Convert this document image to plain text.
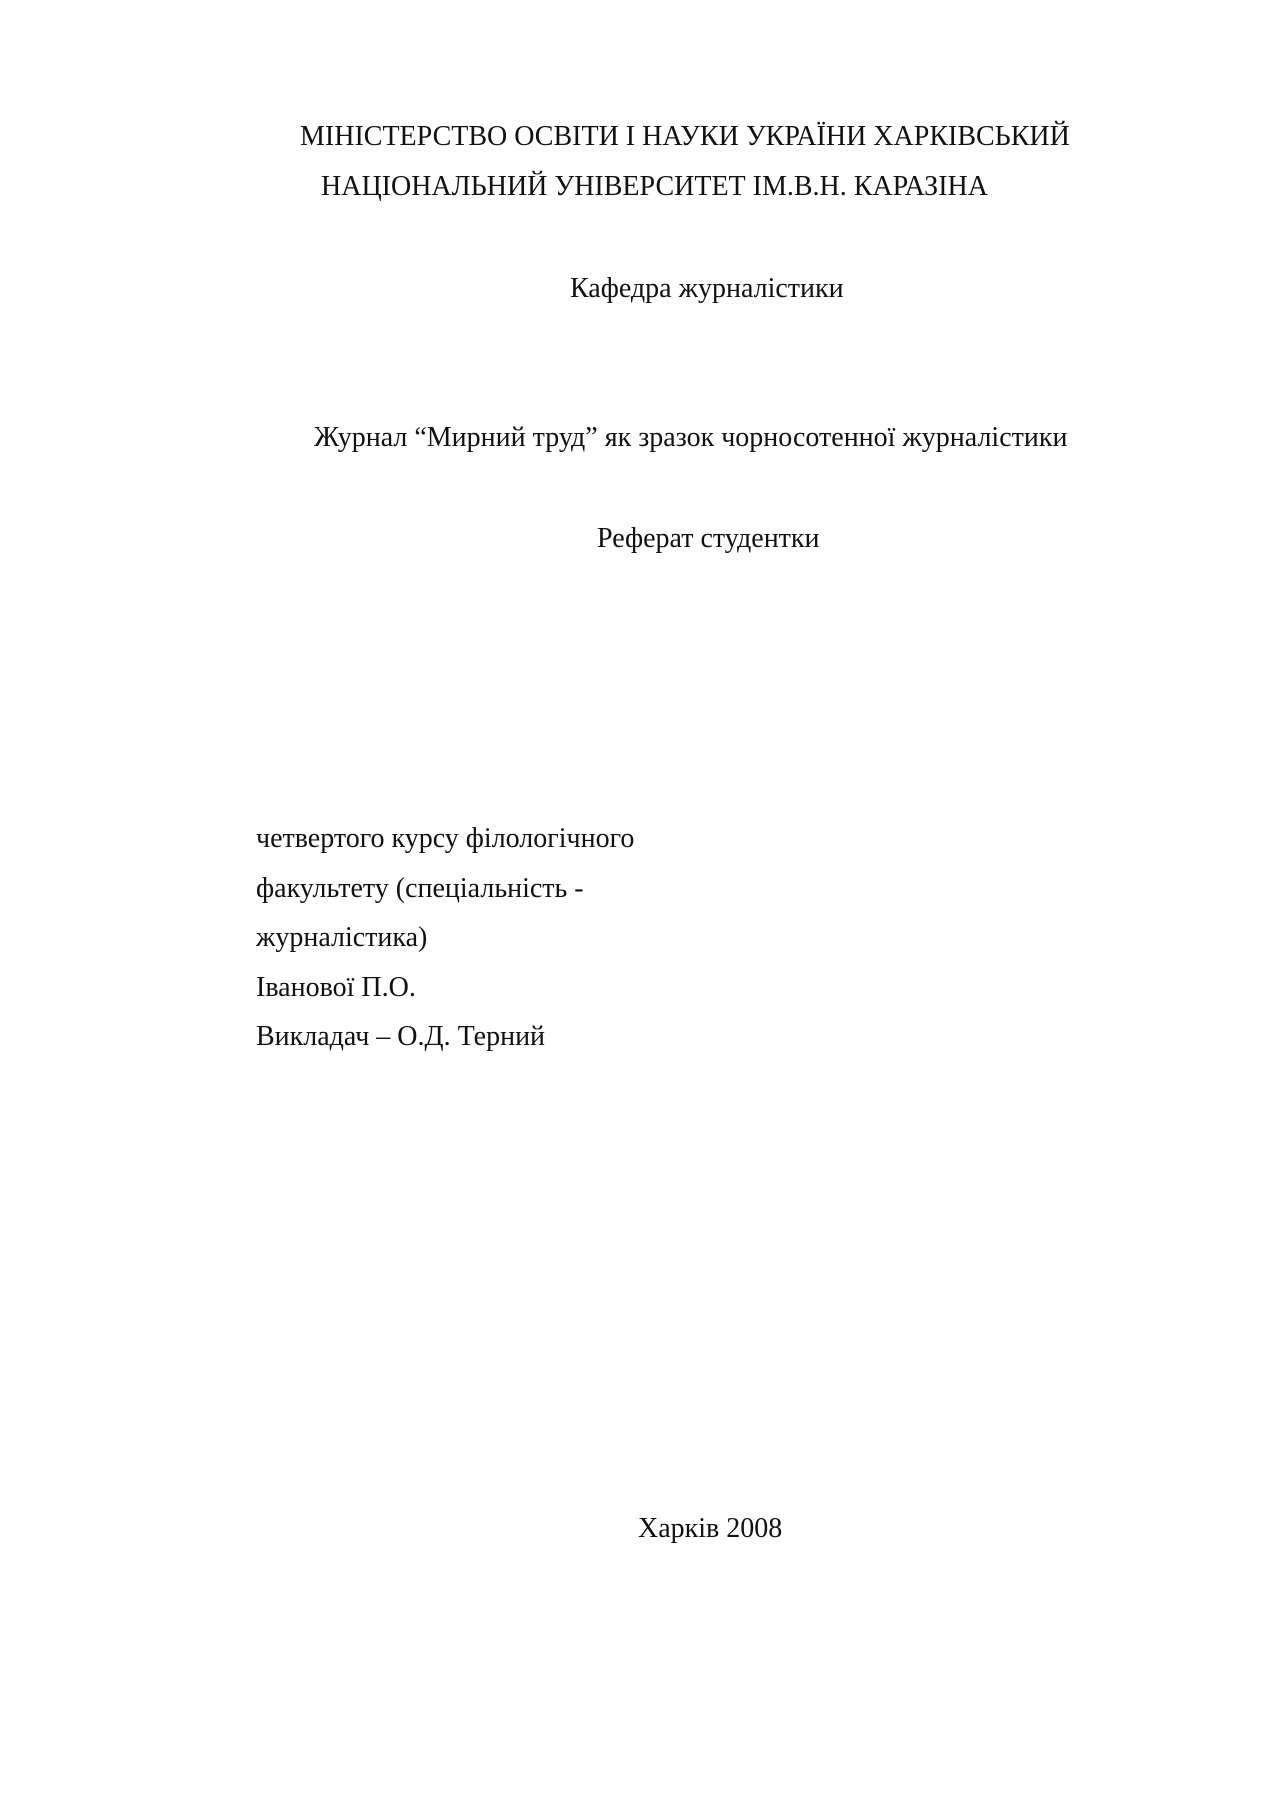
МІНІСТЕРСТВО ОСВІТИ І НАУКИ УКРАЇНИ ХАРКІВСЬКИЙ

НАЦІОНАЛЬНИЙ УНІВЕРСИТЕТ ІМ.В.Н. КАРАЗІНА

Кафедра журналістики

Журнал “Мирний труд” як зразок чорносотенної журналістики

Реферат студентки

четвертого курсу філологічного
факультету (спеціальність -
журналістика)
Іванової П.О.
Викладач – О.Д. Терний

Харків 2008
